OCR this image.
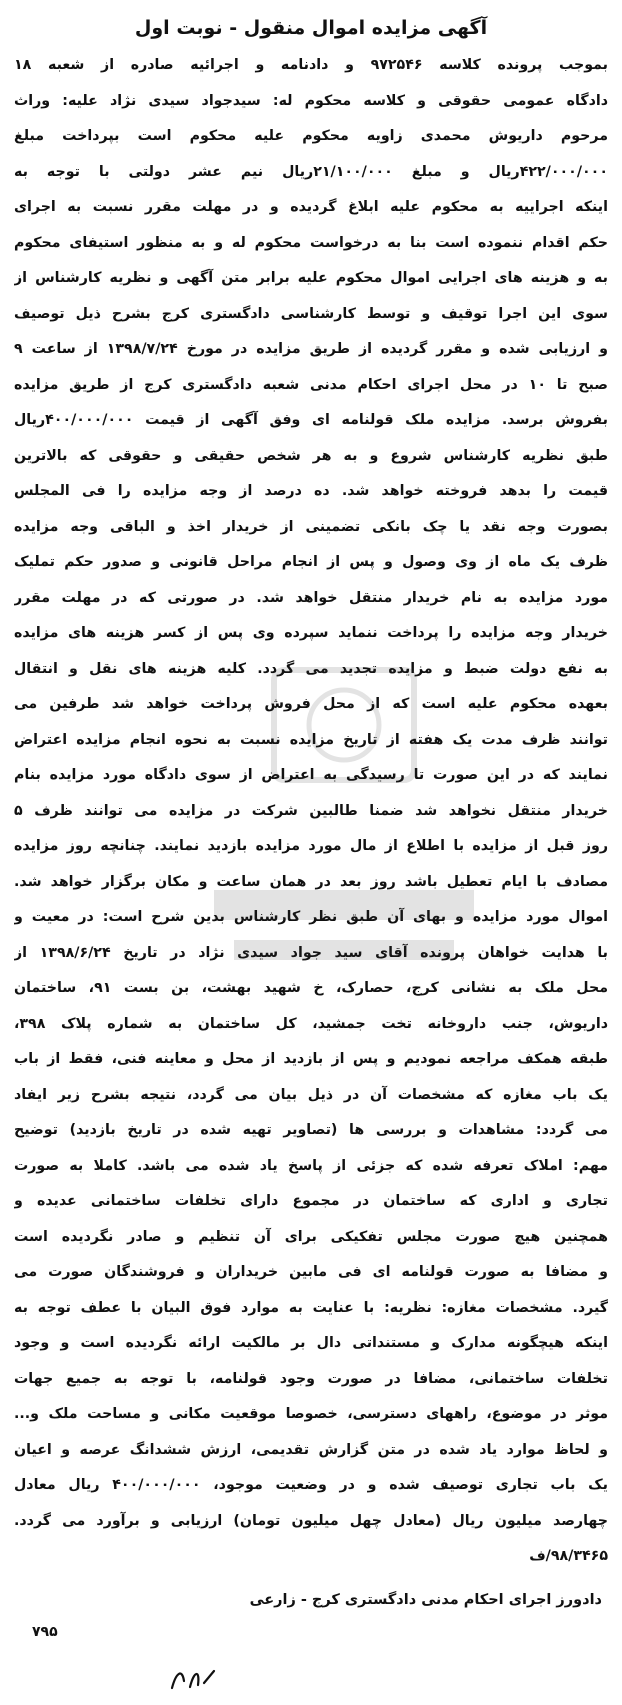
آگهی مزایده اموال منقول - نوبت اول
بموجب پرونده کلاسه ۹۷۲۵۴۶ و دادنامه و اجرائیه صادره از شعبه ۱۸
دادگاه عمومی حقوقی و کلاسه محکوم له: سیدجواد سیدی نژاد علیه: وراث
مرحوم داریوش محمدی زاویه محکوم علیه محکوم است بپرداخت مبلغ
۴۲۲/۰۰۰/۰۰۰ریال و مبلغ ۲۱/۱۰۰/۰۰۰ریال نیم عشر دولتی با توجه به
اینکه اجراییه به محکوم علیه ابلاغ گردیده و در مهلت مقرر نسبت به اجرای
حکم اقدام ننموده است بنا به درخواست محکوم له و به منظور استیفای محکوم
به و هزینه های اجرایی اموال محکوم علیه برابر متن آگهی و نظریه کارشناس از
سوی این اجرا توقیف و توسط کارشناسی دادگستری کرج بشرح ذیل توصیف
و ارزیابی شده و مقرر گردیده از طریق مزایده در مورخ ۱۳۹۸/۷/۲۴ از ساعت ۹
صبح تا ۱۰ در محل اجرای احکام مدنی شعبه دادگستری کرج از طریق مزایده
بفروش برسد. مزایده ملک قولنامه ای وفق آگهی از قیمت ۴۰۰/۰۰۰/۰۰۰ریال
طبق نظریه کارشناس شروع و به هر شخص حقیقی و حقوقی که بالاترین
قیمت را بدهد فروخته خواهد شد. ده درصد از وجه مزایده را فی المجلس
بصورت وجه نقد یا چک بانکی تضمینی از خریدار اخذ و الباقی وجه مزایده
ظرف یک ماه از وی وصول و پس از انجام مراحل قانونی و صدور حکم تملیک
مورد مزایده به نام خریدار منتقل خواهد شد. در صورتی که در مهلت مقرر
خریدار وجه مزایده را پرداخت ننماید سپرده وی پس از کسر هزینه های مزایده
به نفع دولت ضبط و مزایده تجدید می گردد. کلیه هزینه های نقل و انتقال
بعهده محکوم علیه است که از محل فروش پرداخت خواهد شد طرفین می
توانند ظرف مدت یک هفته از تاریخ مزایده نسبت به نحوه انجام مزایده اعتراض
نمایند که در این صورت تا رسیدگی به اعتراض از سوی دادگاه مورد مزایده بنام
خریدار منتقل نخواهد شد ضمنا طالبین شرکت در مزایده می توانند ظرف ۵
روز قبل از مزایده با اطلاع از مال مورد مزایده بازدید نمایند. چنانچه روز مزایده
مصادف با ایام تعطیل باشد روز بعد در همان ساعت و مکان برگزار خواهد شد.
اموال مورد مزایده و بهای آن طبق نظر کارشناس بدین شرح است: در معیت و
با هدایت خواهان پرونده آقای سید جواد سیدی نژاد در تاریخ ۱۳۹۸/۶/۲۴ از
محل ملک به نشانی کرج، حصارک، خ شهید بهشت، بن بست ۹۱، ساختمان
داریوش، جنب داروخانه تخت جمشید، کل ساختمان به شماره پلاک ۳۹۸،
طبقه همکف مراجعه نمودیم و پس از بازدید از محل و معاینه فنی، فقط از باب
یک باب مغازه که مشخصات آن در ذیل بیان می گردد، نتیجه بشرح زیر ایفاد
می گردد: مشاهدات و بررسی ها (تصاویر تهیه شده در تاریخ بازدید) توضیح
مهم: املاک تعرفه شده که جزئی از پاسخ یاد شده می باشد. کاملا به صورت
تجاری و اداری که ساختمان در مجموع دارای تخلفات ساختمانی عدیده و
همچنین هیچ صورت مجلس تفکیکی برای آن تنظیم و صادر نگردیده است
و مضافا به صورت قولنامه ای فی مابین خریداران و فروشندگان صورت می
گیرد. مشخصات مغازه: نظریه: با عنایت به موارد فوق البیان با عطف توجه به
اینکه هیچگونه مدارک و مستنداتی دال بر مالکیت ارائه نگردیده است و وجود
تخلفات ساختمانی، مضافا در صورت وجود قولنامه، با توجه به جمیع جهات
موثر در موضوع، راههای دسترسی، خصوصا موقعیت مکانی و مساحت ملک و...
و لحاظ موارد یاد شده در متن گزارش تقدیمی، ارزش ششدانگ عرصه و اعیان
یک باب تجاری توصیف شده و در وضعیت موجود، ۴۰۰/۰۰۰/۰۰۰ ریال معادل
چهارصد میلیون ریال (معادل چهل میلیون تومان) ارزیابی و برآورد می گردد.
۹۸/۳۴۶۵/ف
دادورز اجرای احکام مدنی دادگستری کرج - زارعی
۷۹۵
